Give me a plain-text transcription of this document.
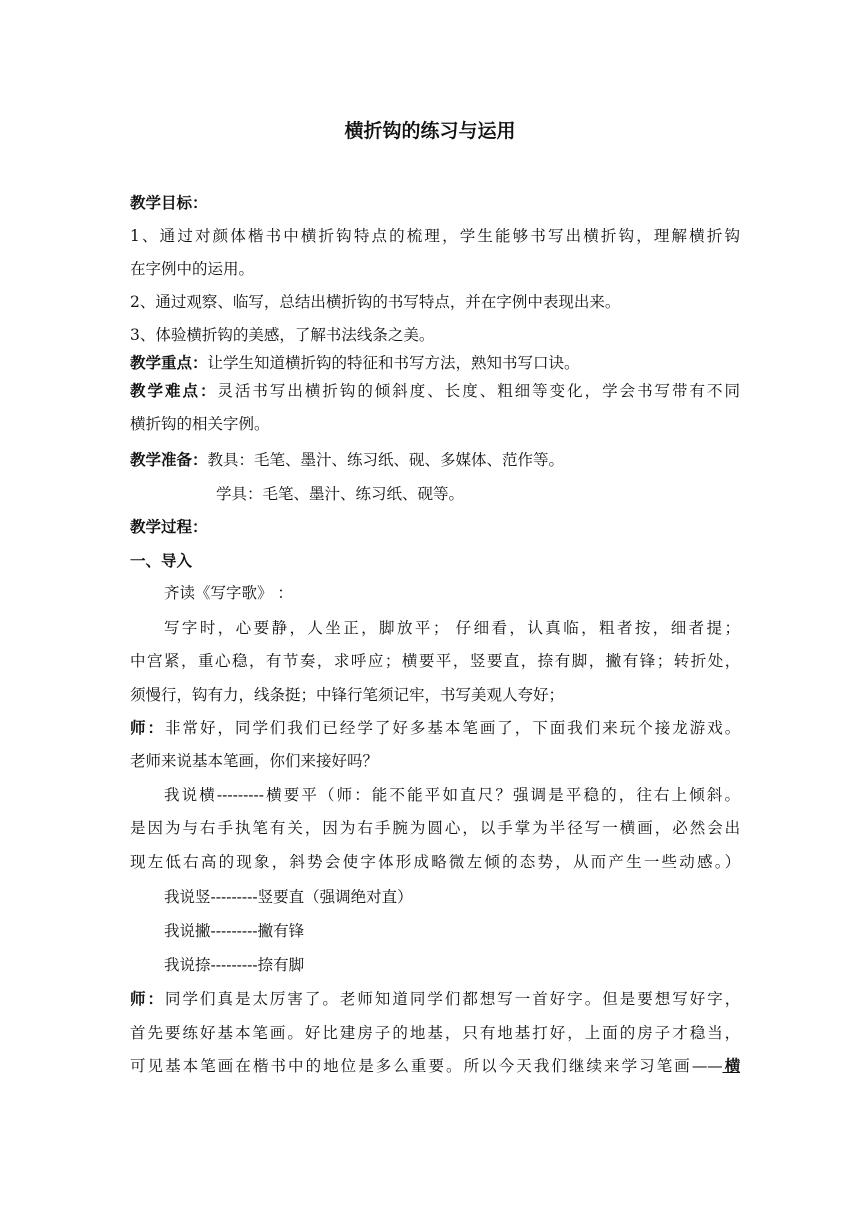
横折钩的练习与运用
教学目标：
1、通过对颜体楷书中横折钩特点的梳理，学生能够书写出横折钩，理解横折钩
在字例中的运用。
2、通过观察、临写，总结出横折钩的书写特点，并在字例中表现出来。
3、体验横折钩的美感，了解书法线条之美。
教学重点：让学生知道横折钩的特征和书写方法，熟知书写口诀。
教学难点：灵活书写出横折钩的倾斜度、长度、粗细等变化，学会书写带有不同
横折钩的相关字例。
教学准备：教具：毛笔、墨汁、练习纸、砚、多媒体、范作等。
学具：毛笔、墨汁、练习纸、砚等。
教学过程：
一、导入
齐读《写字歌》 ：
写字时，心要静，人坐正，脚放平； 仔细看，认真临，粗者按，细者提；
中宫紧，重心稳，有节奏，求呼应；横要平，竖要直，捺有脚，撇有锋；转折处，
须慢行，钩有力，线条挺；中锋行笔须记牢，书写美观人夸好；
师：非常好，同学们我们已经学了好多基本笔画了，下面我们来玩个接龙游戏。
老师来说基本笔画，你们来接好吗？
我说横---------横要平（师：能不能平如直尺？强调是平稳的，往右上倾斜。
是因为与右手执笔有关，因为右手腕为圆心，以手掌为半径写一横画，必然会出
现左低右高的现象，斜势会使字体形成略微左倾的态势，从而产生一些动感。）
我说竖---------竖要直（强调绝对直）
我说撇---------撇有锋
我说捺---------捺有脚
师：同学们真是太厉害了。老师知道同学们都想写一首好字。但是要想写好字，
首先要练好基本笔画。好比建房子的地基，只有地基打好，上面的房子才稳当，
可见基本笔画在楷书中的地位是多么重要。所以今天我们继续来学习笔画——横
